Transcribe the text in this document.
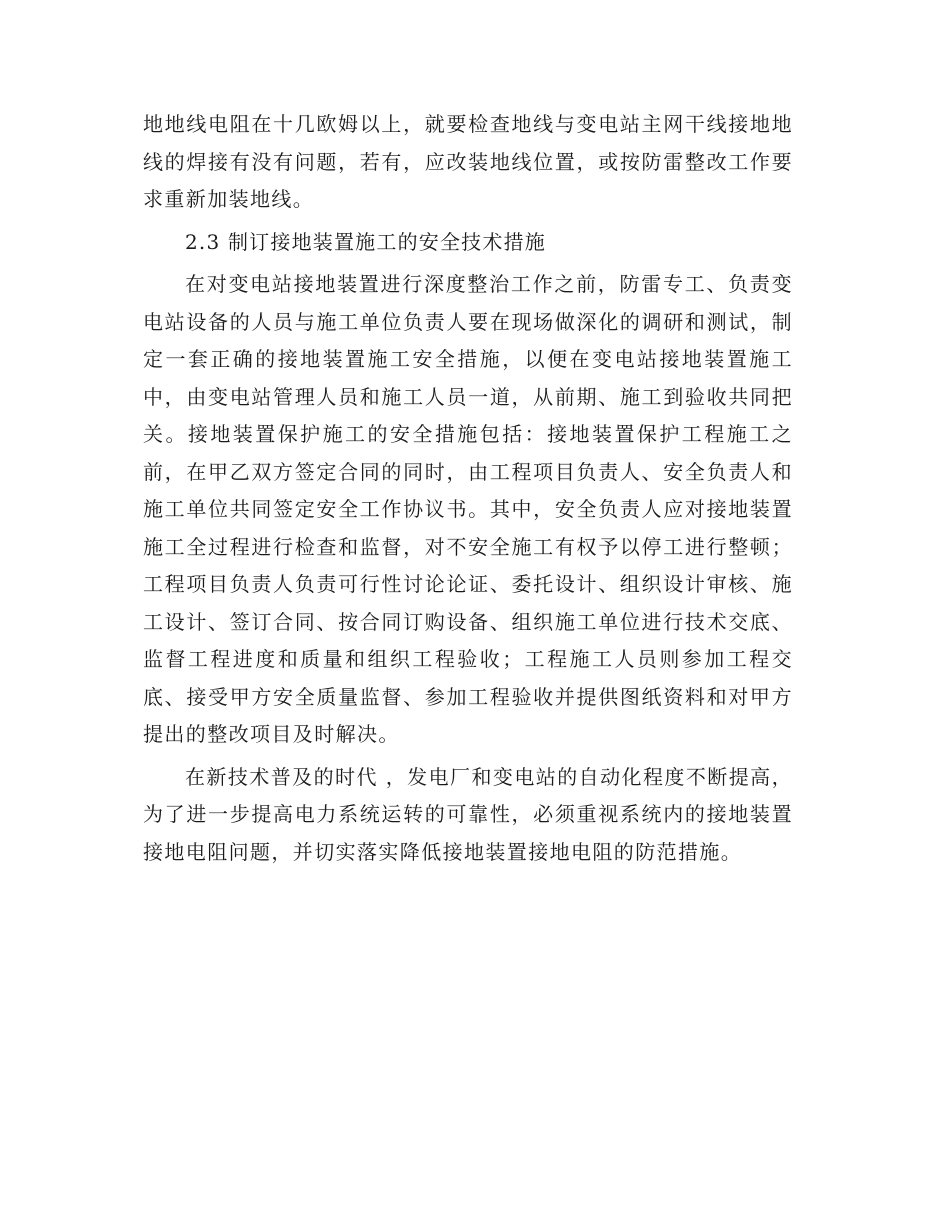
地地线电阻在十几欧姆以上，就要检查地线与变电站主网干线接地地线的焊接有没有问题，若有，应改装地线位置，或按防雷整改工作要求重新加装地线。

2.3 制订接地装置施工的安全技术措施

在对变电站接地装置进行深度整治工作之前，防雷专工、负责变电站设备的人员与施工单位负责人要在现场做深化的调研和测试，制定一套正确的接地装置施工安全措施，以便在变电站接地装置施工中，由变电站管理人员和施工人员一道，从前期、施工到验收共同把关。接地装置保护施工的安全措施包括：接地装置保护工程施工之前，在甲乙双方签定合同的同时，由工程项目负责人、安全负责人和施工单位共同签定安全工作协议书。其中，安全负责人应对接地装置施工全过程进行检查和监督，对不安全施工有权予以停工进行整顿；工程项目负责人负责可行性讨论论证、委托设计、组织设计审核、施工设计、签订合同、按合同订购设备、组织施工单位进行技术交底、监督工程进度和质量和组织工程验收；工程施工人员则参加工程交底、接受甲方安全质量监督、参加工程验收并提供图纸资料和对甲方提出的整改项目及时解决。

在新技术普及的时代 ，发电厂和变电站的自动化程度不断提高，为了进一步提高电力系统运转的可靠性，必须重视系统内的接地装置接地电阻问题，并切实落实降低接地装置接地电阻的防范措施。
